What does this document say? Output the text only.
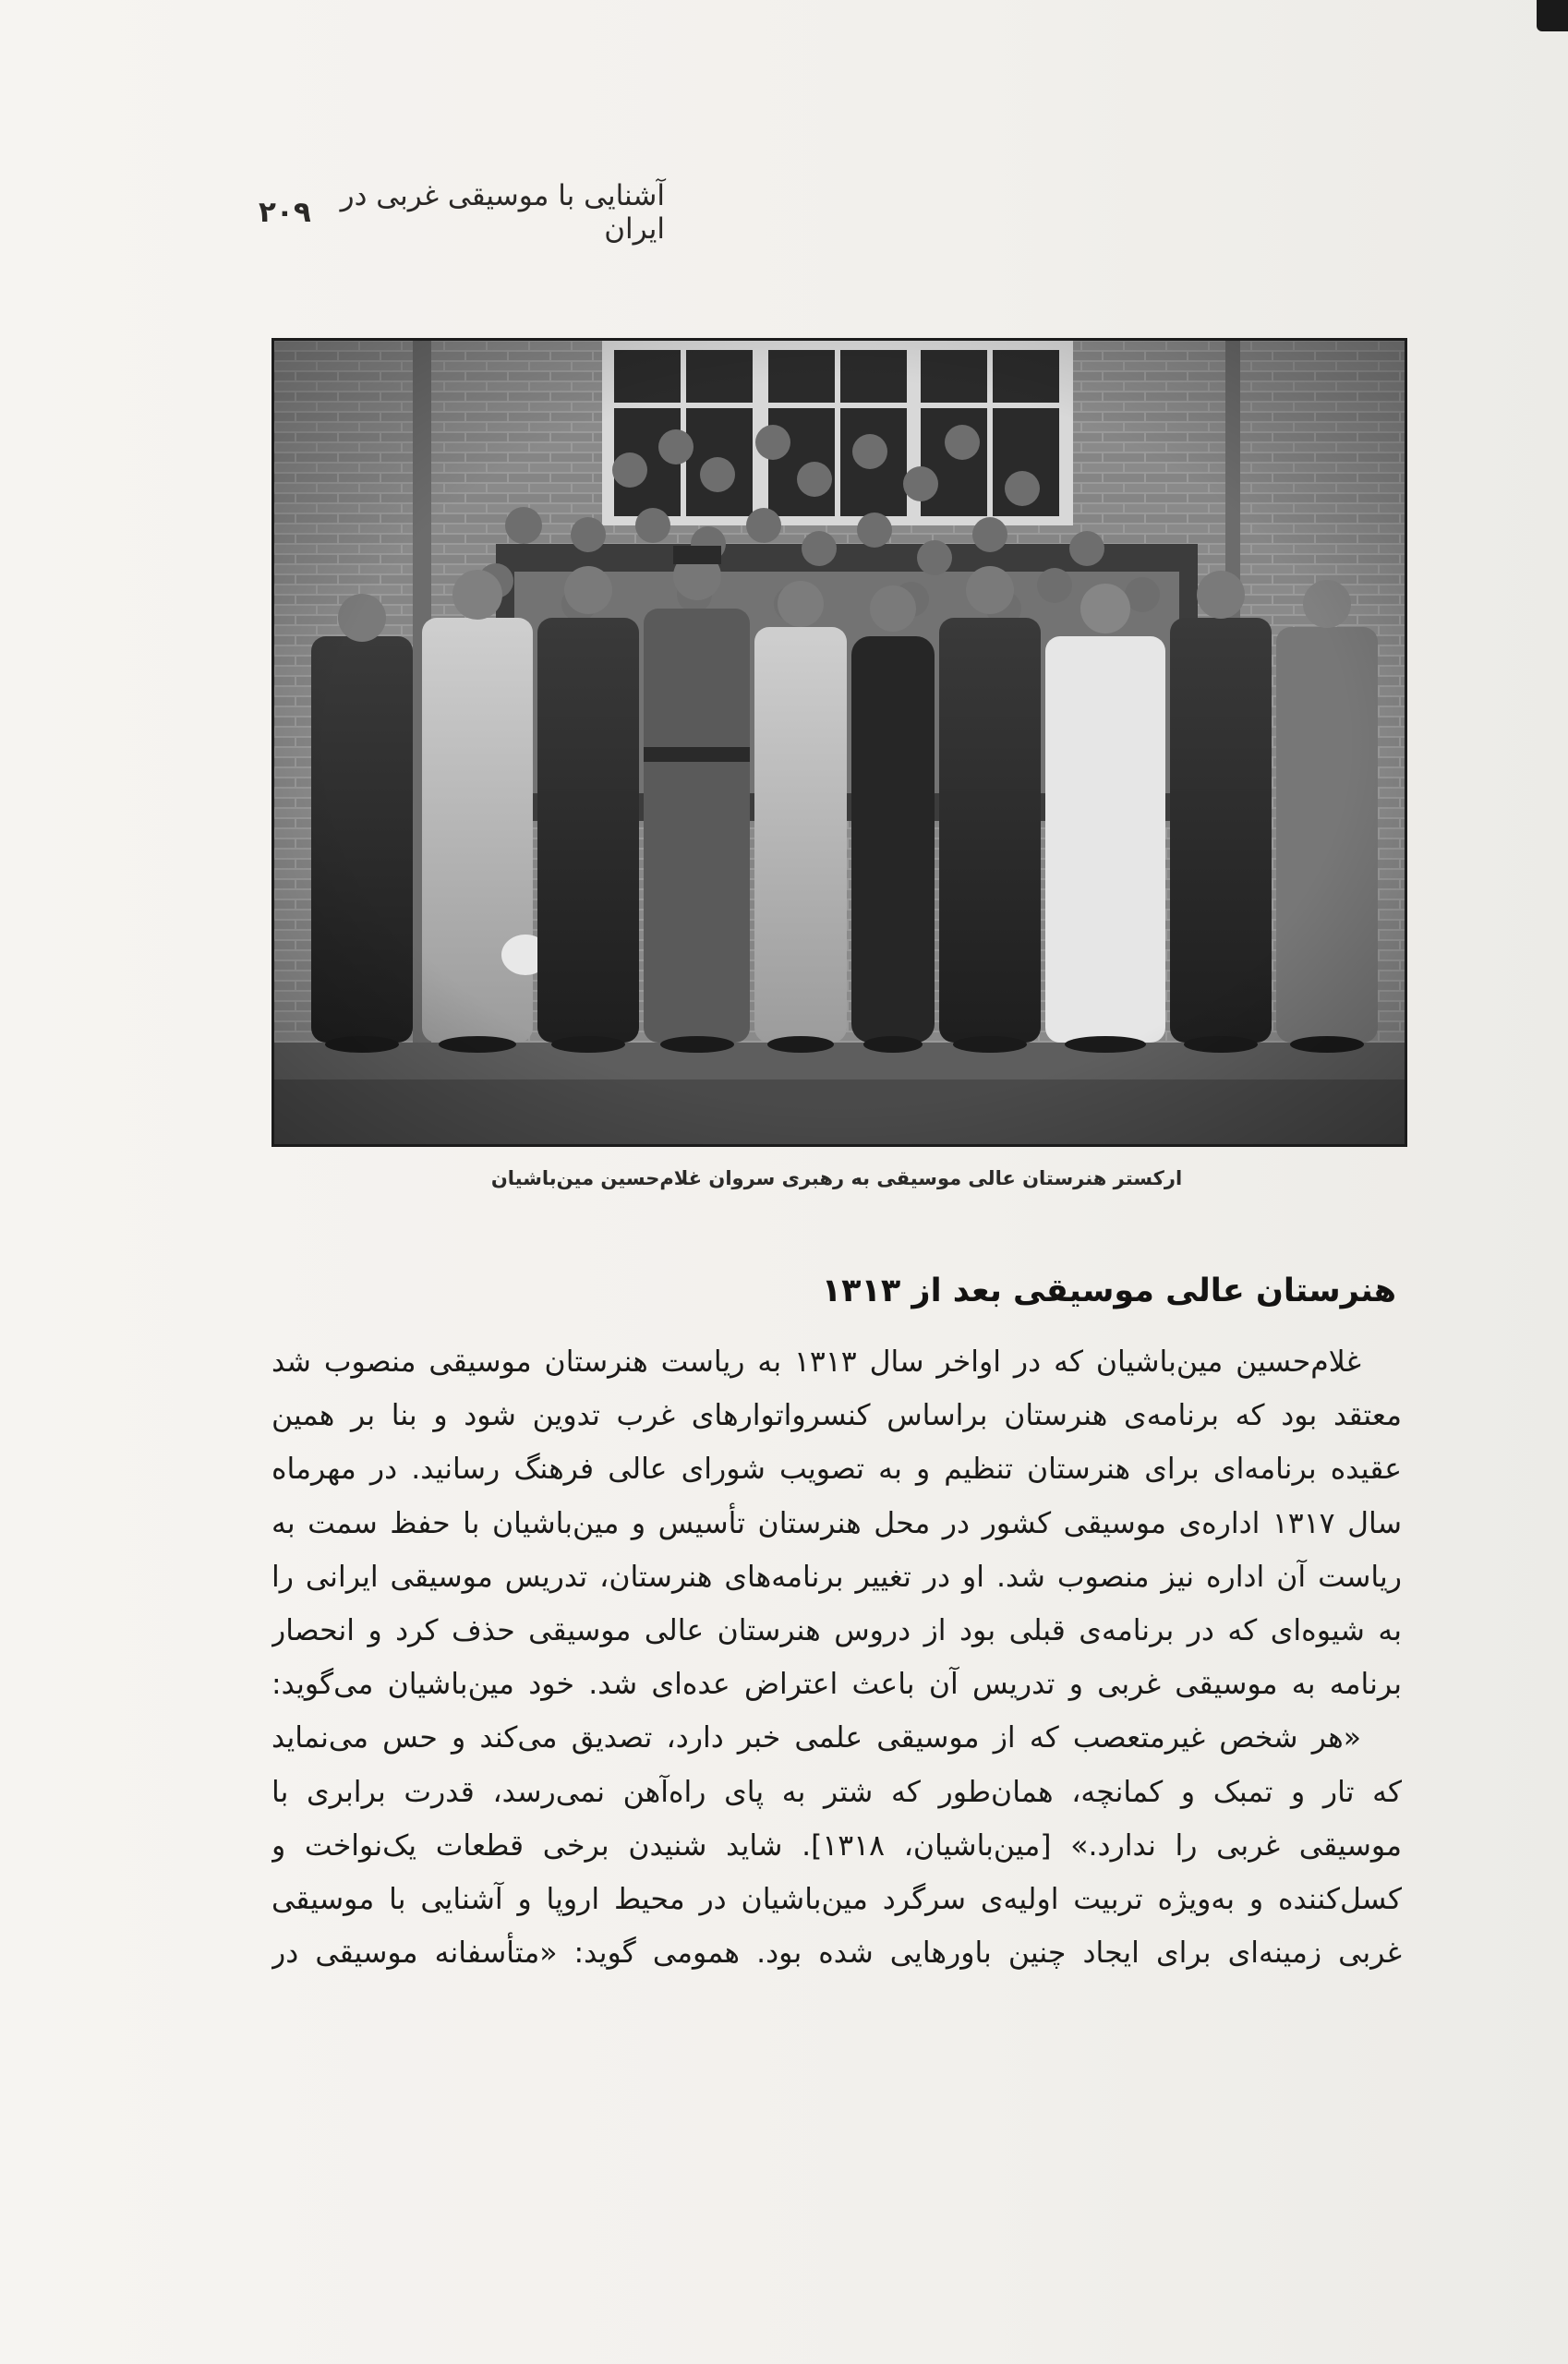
آشنایی با موسیقی غربی در ایران
۲۰۹
ارکستر هنرستان عالی موسیقی به رهبری سروان غلام‌حسین مین‌باشیان
هنرستان عالی موسیقی بعد از ۱۳۱۳
غلام‌حسین مین‌باشیان که در اواخر سال ۱۳۱۳ به ریاست هنرستان موسیقی منصوب شد
معتقد بود که برنامه‌ی هنرستان براساس کنسرواتوارهای غرب تدوین شود و بنا بر همین
عقیده برنامه‌ای برای هنرستان تنظیم و به تصویب شورای عالی فرهنگ رسانید. در مهرماه
سال ۱۳۱۷ اداره‌ی موسیقی کشور در محل هنرستان تأسیس و مین‌باشیان با حفظ سمت به
ریاست آن اداره نیز منصوب شد. او در تغییر برنامه‌های هنرستان، تدریس موسیقی ایرانی را
به شیوه‌ای که در برنامه‌ی قبلی بود از دروس هنرستان عالی موسیقی حذف کرد و انحصار
برنامه به موسیقی غربی و تدریس آن باعث اعتراض عده‌ای شد. خود مین‌باشیان می‌گوید:
«هر شخص غیرمتعصب که از موسیقی علمی خبر دارد، تصدیق می‌کند و حس می‌نماید
که تار و تمبک و کمانچه، همان‌طور که شتر به پای راه‌آهن نمی‌رسد، قدرت برابری با
موسیقی غربی را ندارد.» [مین‌باشیان، ۱۳۱۸]. شاید شنیدن برخی قطعات یک‌نواخت و
کسل‌کننده و به‌ویژه تربیت اولیه‌ی سرگرد مین‌باشیان در محیط اروپا و آشنایی با موسیقی
غربی زمینه‌ای برای ایجاد چنین باورهایی شده بود. همومی گوید: «متأسفانه موسیقی در
